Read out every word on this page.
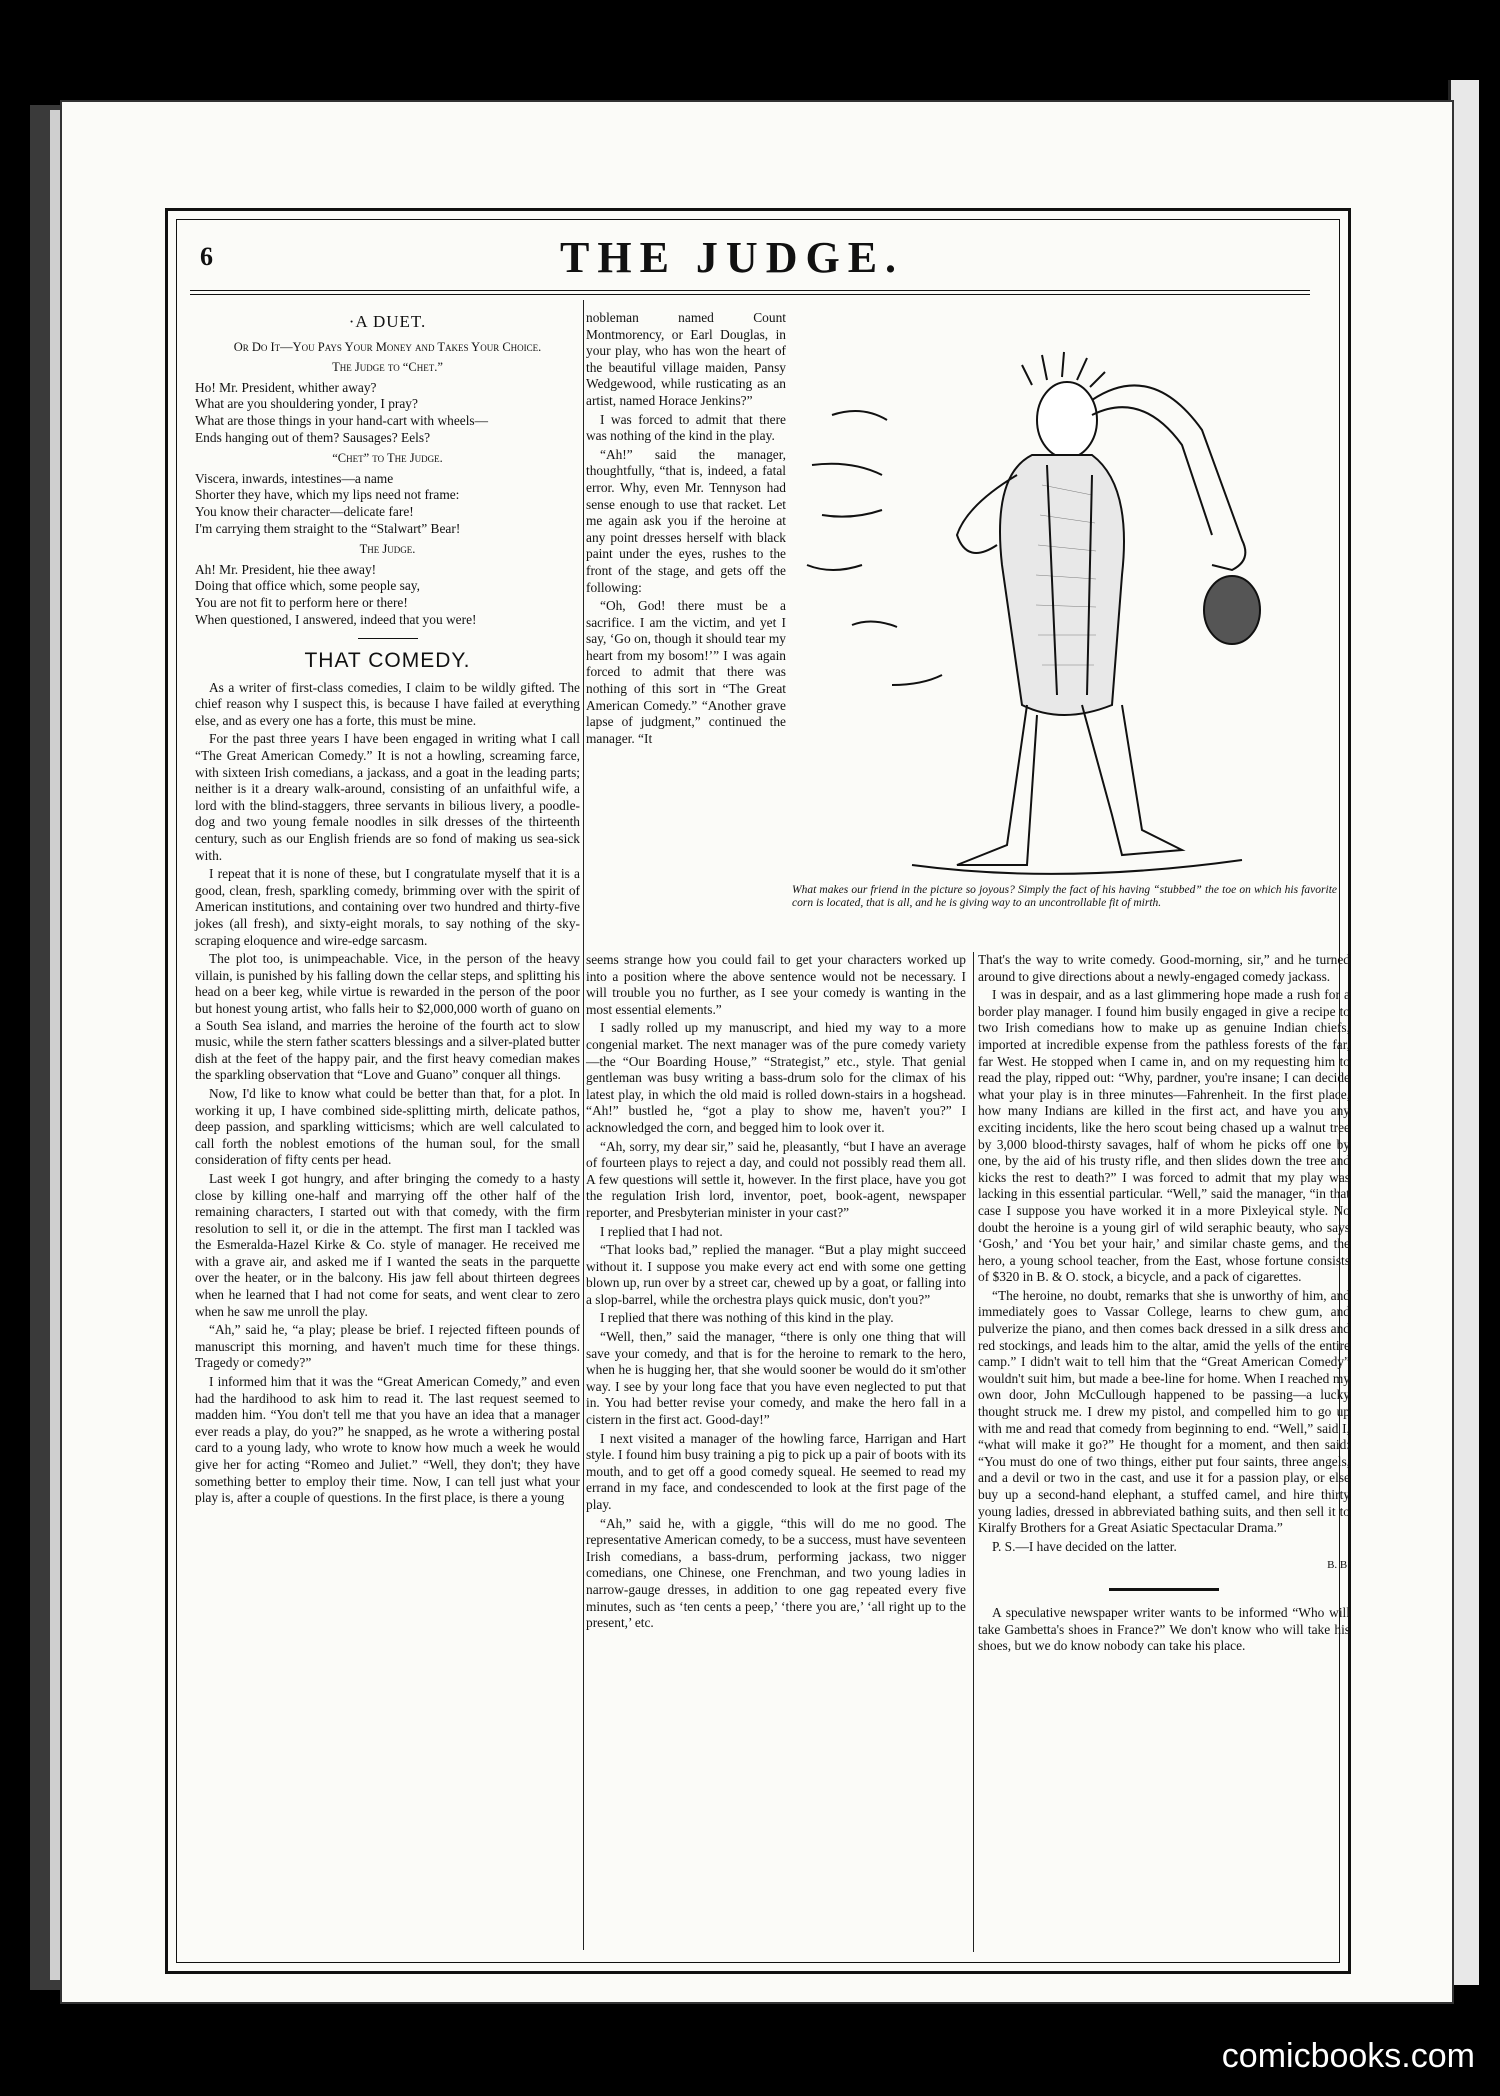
6	THE JUDGE.
·A DUET.
Or Do It—You Pays Your Money and Takes Your Choice.
The Judge to “Chet.”

Ho! Mr. President, whither away?

What are you shouldering yonder, I pray?

What are those things in your hand-cart with wheels—

Ends hanging out of them? Sausages? Eels?

“Chet” to The Judge.

Viscera, inwards, intestines—a name

Shorter they have, which my lips need not frame:

You know their character—delicate fare!

I'm carrying them straight to the “Stalwart” Bear!

The Judge.

Ah! Mr. President, hie thee away!

Doing that office which, some people say,

You are not fit to perform here or there!

When questioned, I answered, indeed that you were!

THAT COMEDY.

As a writer of first-class comedies, I claim to be wildly gifted. The chief reason why I suspect this, is because I have failed at everything else, and as every one has a forte, this must be mine.

For the past three years I have been engaged in writing what I call “The Great American Comedy.” It is not a howling, screaming farce, with sixteen Irish comedians, a jackass, and a goat in the leading parts; neither is it a dreary walk-around, consisting of an unfaithful wife, a lord with the blind-staggers, three servants in bilious livery, a poodle-dog and two young female noodles in silk dresses of the thirteenth century, such as our English friends are so fond of making us sea-sick with.

I repeat that it is none of these, but I congratulate myself that it is a good, clean, fresh, sparkling comedy, brimming over with the spirit of American institutions, and containing over two hundred and thirty-five jokes (all fresh), and sixty-eight morals, to say nothing of the sky-scraping eloquence and wire-edge sarcasm.

The plot too, is unimpeachable. Vice, in the person of the heavy villain, is punished by his falling down the cellar steps, and splitting his head on a beer keg, while virtue is rewarded in the person of the poor but honest young artist, who falls heir to $2,000,000 worth of guano on a South Sea island, and marries the heroine of the fourth act to slow music, while the stern father scatters blessings and a silver-plated butter dish at the feet of the happy pair, and the first heavy comedian makes the sparkling observation that “Love and Guano” conquer all things.

Now, I'd like to know what could be better than that, for a plot. In working it up, I have combined side-splitting mirth, delicate pathos, deep passion, and sparkling witticisms; which are well calculated to call forth the noblest emotions of the human soul, for the small consideration of fifty cents per head.

Last week I got hungry, and after bringing the comedy to a hasty close by killing one-half and marrying off the other half of the remaining characters, I started out with that comedy, with the firm resolution to sell it, or die in the attempt. The first man I tackled was the Esmeralda-Hazel Kirke & Co. style of manager. He received me with a grave air, and asked me if I wanted the seats in the parquette over the heater, or in the balcony. His jaw fell about thirteen degrees when he learned that I had not come for seats, and went clear to zero when he saw me unroll the play.

“Ah,” said he, “a play; please be brief. I rejected fifteen pounds of manuscript this morning, and haven't much time for these things. Tragedy or comedy?”

I informed him that it was the “Great American Comedy,” and even had the hardihood to ask him to read it. The last request seemed to madden him. “You don't tell me that you have an idea that a manager ever reads a play, do you?” he snapped, as he wrote a withering postal card to a young lady, who wrote to know how much a week he would give her for acting “Romeo and Juliet.” “Well, they don't; they have something better to employ their time. Now, I can tell just what your play is, after a couple of questions. In the first place, is there a young

nobleman named Count Montmorency, or Earl Douglas, in your play, who has won the heart of the beautiful village maiden, Pansy Wedgewood, while rusticating as an artist, named Horace Jenkins?”

I was forced to admit that there was nothing of the kind in the play.

“Ah!” said the manager, thoughtfully, “that is, indeed, a fatal error. Why, even Mr. Tennyson had sense enough to use that racket. Let me again ask you if the heroine at any point dresses herself with black paint under the eyes, rushes to the front of the stage, and gets off the following:

“Oh, God! there must be a sacrifice. I am the victim, and yet I say, ‘Go on, though it should tear my heart from my bosom!’” I was again forced to admit that there was nothing of this sort in “The Great American Comedy.” “Another grave lapse of judgment,” continued the manager. “It

What makes our friend in the picture so joyous? Simply the fact of his having “stubbed” the toe on which his favorite corn is located, that is all, and he is giving way to an uncontrollable fit of mirth.

seems strange how you could fail to get your characters worked up into a position where the above sentence would not be necessary. I will trouble you no further, as I see your comedy is wanting in the most essential elements.”

I sadly rolled up my manuscript, and hied my way to a more congenial market. The next manager was of the pure comedy variety—the “Our Boarding House,” “Strategist,” etc., style. That genial gentleman was busy writing a bass-drum solo for the climax of his latest play, in which the old maid is rolled down-stairs in a hogshead. “Ah!” bustled he, “got a play to show me, haven't you?” I acknowledged the corn, and begged him to look over it.

“Ah, sorry, my dear sir,” said he, pleasantly, “but I have an average of fourteen plays to reject a day, and could not possibly read them all. A few questions will settle it, however. In the first place, have you got the regulation Irish lord, inventor, poet, book-agent, newspaper reporter, and Presbyterian minister in your cast?”

I replied that I had not.

“That looks bad,” replied the manager. “But a play might succeed without it. I suppose you make every act end with some one getting blown up, run over by a street car, chewed up by a goat, or falling into a slop-barrel, while the orchestra plays quick music, don't you?”

I replied that there was nothing of this kind in the play.

“Well, then,” said the manager, “there is only one thing that will save your comedy, and that is for the heroine to remark to the hero, when he is hugging her, that she would sooner be would do it sm'other way. I see by your long face that you have even neglected to put that in. You had better revise your comedy, and make the hero fall in a cistern in the first act. Good-day!”

I next visited a manager of the howling farce, Harrigan and Hart style. I found him busy training a pig to pick up a pair of boots with its mouth, and to get off a good comedy squeal. He seemed to read my errand in my face, and condescended to look at the first page of the play.

“Ah,” said he, with a giggle, “this will do me no good. The representative American comedy, to be a success, must have seventeen Irish comedians, a bass-drum, performing jackass, two nigger comedians, one Chinese, one Frenchman, and two young ladies in narrow-gauge dresses, in addition to one gag repeated every five minutes, such as ‘ten cents a peep,’ ‘there you are,’ ‘all right up to the present,’ etc.

That's the way to write comedy. Good-morning, sir,” and he turned around to give directions about a newly-engaged comedy jackass.

I was in despair, and as a last glimmering hope made a rush for a border play manager. I found him busily engaged in give a recipe to two Irish comedians how to make up as genuine Indian chiefs, imported at incredible expense from the pathless forests of the far, far West. He stopped when I came in, and on my requesting him to read the play, ripped out: “Why, pardner, you're insane; I can decide what your play is in three minutes—Fahrenheit. In the first place, how many Indians are killed in the first act, and have you any exciting incidents, like the hero scout being chased up a walnut tree by 3,000 blood-thirsty savages, half of whom he picks off one by one, by the aid of his trusty rifle, and then slides down the tree and kicks the rest to death?” I was forced to admit that my play was lacking in this essential particular. “Well,” said the manager, “in that case I suppose you have worked it in a more Pixleyical style. No doubt the heroine is a young girl of wild seraphic beauty, who says ‘Gosh,’ and ‘You bet your hair,’ and similar chaste gems, and the hero, a young school teacher, from the East, whose fortune consists of $320 in B. & O. stock, a bicycle, and a pack of cigarettes.

“The heroine, no doubt, remarks that she is unworthy of him, and immediately goes to Vassar College, learns to chew gum, and pulverize the piano, and then comes back dressed in a silk dress and red stockings, and leads him to the altar, amid the yells of the entire camp.” I didn't wait to tell him that the “Great American Comedy” wouldn't suit him, but made a bee-line for home. When I reached my own door, John McCullough happened to be passing—a lucky thought struck me. I drew my pistol, and compelled him to go up with me and read that comedy from beginning to end. “Well,” said I, “what will make it go?” He thought for a moment, and then said: “You must do one of two things, either put four saints, three angels, and a devil or two in the cast, and use it for a passion play, or else buy up a second-hand elephant, a stuffed camel, and hire thirty young ladies, dressed in abbreviated bathing suits, and then sell it to Kiralfy Brothers for a Great Asiatic Spectacular Drama.”

P. S.—I have decided on the latter.

B. B.

A speculative newspaper writer wants to be informed “Who will take Gambetta's shoes in France?” We don't know who will take his shoes, but we do know nobody can take his place.

comicbooks.com
